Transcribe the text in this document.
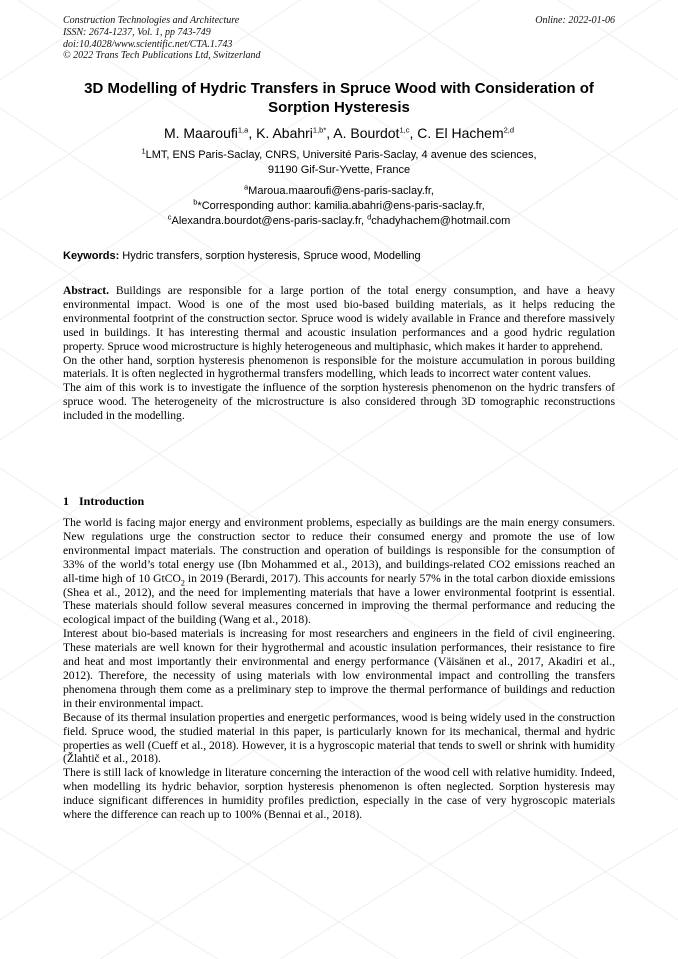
Construction Technologies and Architecture
ISSN: 2674-1237, Vol. 1, pp 743-749
doi:10.4028/www.scientific.net/CTA.1.743
© 2022 Trans Tech Publications Ltd, Switzerland
Online: 2022-01-06
3D Modelling of Hydric Transfers in Spruce Wood with Consideration of
Sorption Hysteresis
M. Maaroufi$^{1,a}$, K. Abahri$^{1,b*}$, A. Bourdot$^{1,c}$, C. El Hachem$^{2,d}$
$^1$LMT, ENS Paris-Saclay, CNRS, Université Paris-Saclay, 4 avenue des sciences,
91190 Gif-Sur-Yvette, France
$^a$Maroua.maaroufi@ens-paris-saclay.fr,
$^b$*Corresponding author: kamilia.abahri@ens-paris-saclay.fr,
$^c$Alexandra.bourdot@ens-paris-saclay.fr, $^d$chadyhachem@hotmail.com
Keywords: Hydric transfers, sorption hysteresis, Spruce wood, Modelling

Abstract. Buildings are responsible for a large portion of the total energy consumption, and have a heavy environmental impact. Wood is one of the most used bio-based building materials, as it helps reducing the environmental footprint of the construction sector. Spruce wood is widely available in France and therefore massively used in buildings. It has interesting thermal and acoustic insulation performances and a good hydric regulation property. Spruce wood microstructure is highly heterogeneous and multiphasic, which makes it harder to apprehend.

On the other hand, sorption hysteresis phenomenon is responsible for the moisture accumulation in porous building materials. It is often neglected in hygrothermal transfers modelling, which leads to incorrect water content values.

The aim of this work is to investigate the influence of the sorption hysteresis phenomenon on the hydric transfers of spruce wood. The heterogeneity of the microstructure is also considered through 3D tomographic reconstructions included in the modelling.

1 Introduction

The world is facing major energy and environment problems, especially as buildings are the main energy consumers. New regulations urge the construction sector to reduce their consumed energy and promote the use of low environmental impact materials. The construction and operation of buildings is responsible for the consumption of 33% of the world’s total energy use (Ibn Mohammed et al., 2013), and buildings-related CO2 emissions reached an all-time high of 10 GtCO$_2$ in 2019 (Berardi, 2017). This accounts for nearly 57% in the total carbon dioxide emissions (Shea et al., 2012), and the need for implementing materials that have a lower environmental footprint is essential. These materials should follow several measures concerned in improving the thermal performance and reducing the ecological impact of the building (Wang et al., 2018).

Interest about bio-based materials is increasing for most researchers and engineers in the field of civil engineering. These materials are well known for their hygrothermal and acoustic insulation performances, their resistance to fire and heat and most importantly their environmental and energy performance (Väisänen et al., 2017, Akadiri et al., 2012). Therefore, the necessity of using materials with low environmental impact and controlling the transfers phenomena through them come as a preliminary step to improve the thermal performance of buildings and reduction in their environmental impact.

Because of its thermal insulation properties and energetic performances, wood is being widely used in the construction field. Spruce wood, the studied material in this paper, is particularly known for its mechanical, thermal and hydric properties as well (Cueff et al., 2018). However, it is a hygroscopic material that tends to swell or shrink with humidity (Žlahtič et al., 2018).

There is still lack of knowledge in literature concerning the interaction of the wood cell with relative humidity. Indeed, when modelling its hydric behavior, sorption hysteresis phenomenon is often neglected. Sorption hysteresis may induce significant differences in humidity profiles prediction, especially in the case of very hygroscopic materials where the difference can reach up to 100% (Bennai et al., 2018).
